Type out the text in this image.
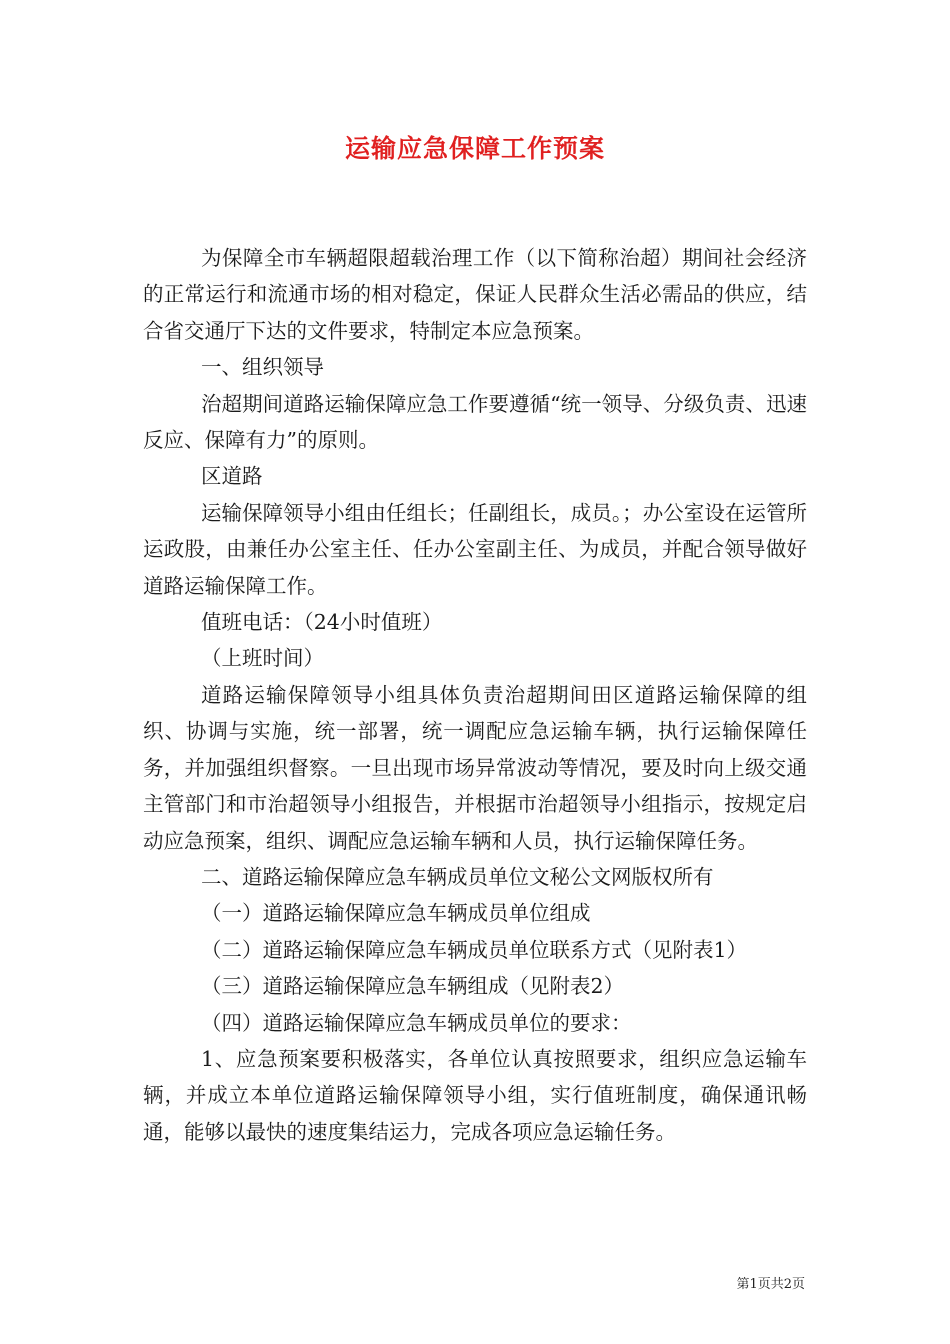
运输应急保障工作预案

为保障全市车辆超限超载治理工作（以下简称治超）期间社会经济的正常运行和流通市场的相对稳定，保证人民群众生活必需品的供应，结合省交通厅下达的文件要求，特制定本应急预案。

一、组织领导

治超期间道路运输保障应急工作要遵循“统一领导、分级负责、迅速反应、保障有力”的原则。

区道路

运输保障领导小组由任组长；任副组长，成员。；办公室设在运管所运政股，由兼任办公室主任、任办公室副主任、为成员，并配合领导做好道路运输保障工作。

值班电话：（24小时值班）

（上班时间）

道路运输保障领导小组具体负责治超期间田区道路运输保障的组织、协调与实施，统一部署，统一调配应急运输车辆，执行运输保障任务，并加强组织督察。一旦出现市场异常波动等情况，要及时向上级交通主管部门和市治超领导小组报告，并根据市治超领导小组指示，按规定启动应急预案，组织、调配应急运输车辆和人员，执行运输保障任务。

二、道路运输保障应急车辆成员单位文秘公文网版权所有

（一）道路运输保障应急车辆成员单位组成

（二）道路运输保障应急车辆成员单位联系方式（见附表1）

（三）道路运输保障应急车辆组成（见附表2）

（四）道路运输保障应急车辆成员单位的要求：

1、应急预案要积极落实，各单位认真按照要求，组织应急运输车辆，并成立本单位道路运输保障领导小组，实行值班制度，确保通讯畅通，能够以最快的速度集结运力，完成各项应急运输任务。

第1页共2页
